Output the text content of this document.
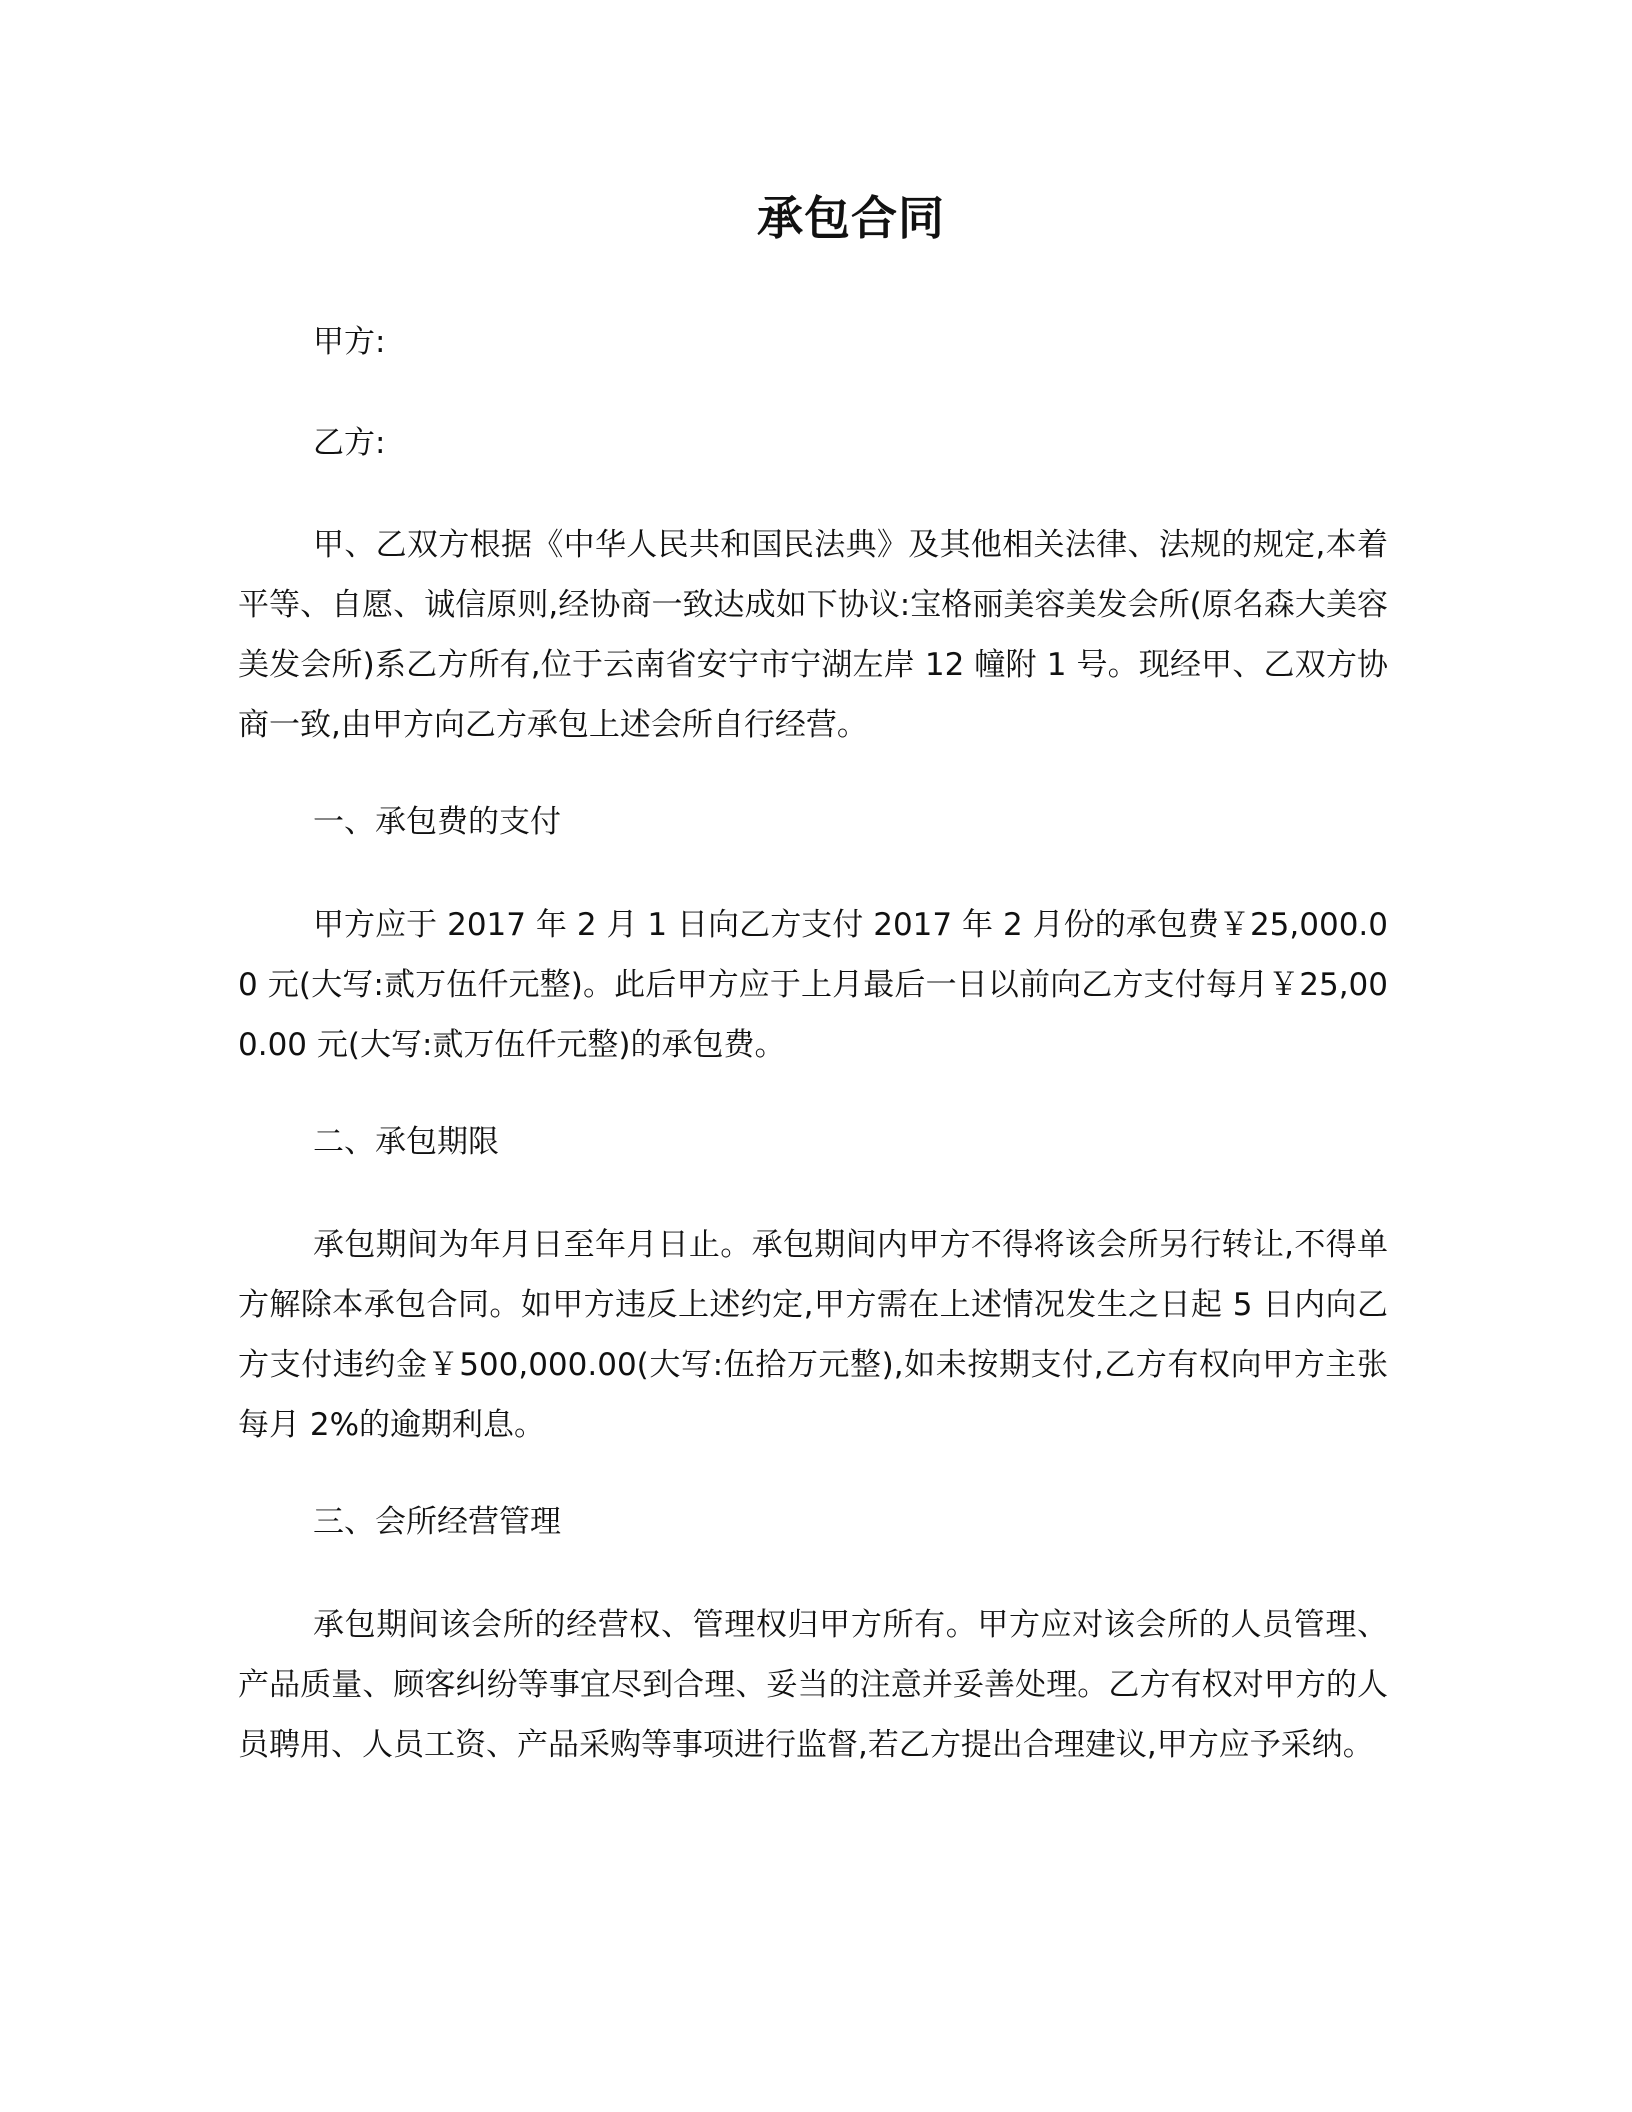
承包合同
甲方:
乙方:
甲、乙双方根据《中华人民共和国民法典》及其他相关法律、法规的规定,本着平等、自愿、诚信原则,经协商一致达成如下协议:宝格丽美容美发会所(原名森大美容美发会所)系乙方所有,位于云南省安宁市宁湖左岸 12 幢附 1 号。现经甲、乙双方协商一致,由甲方向乙方承包上述会所自行经营。
一、承包费的支付
甲方应于 2017 年 2 月 1 日向乙方支付 2017 年 2 月份的承包费￥25,000.00 元(大写:贰万伍仟元整)。此后甲方应于上月最后一日以前向乙方支付每月￥25,000.00 元(大写:贰万伍仟元整)的承包费。
二、承包期限
承包期间为年月日至年月日止。承包期间内甲方不得将该会所另行转让,不得单方解除本承包合同。如甲方违反上述约定,甲方需在上述情况发生之日起 5 日内向乙方支付违约金￥500,000.00(大写:伍拾万元整),如未按期支付,乙方有权向甲方主张每月 2%的逾期利息。
三、会所经营管理
承包期间该会所的经营权、管理权归甲方所有。甲方应对该会所的人员管理、产品质量、顾客纠纷等事宜尽到合理、妥当的注意并妥善处理。乙方有权对甲方的人员聘用、人员工资、产品采购等事项进行监督,若乙方提出合理建议,甲方应予采纳。
